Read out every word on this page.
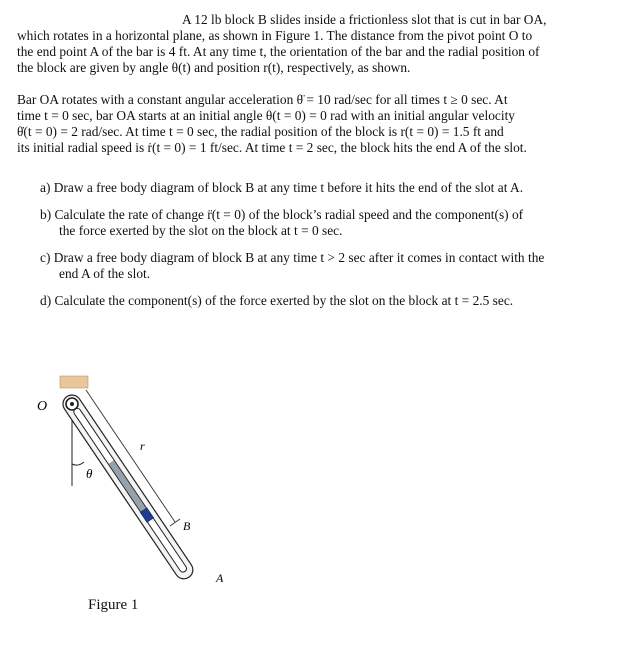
A 12 lb block B slides inside a frictionless slot that is cut in bar OA,
which rotates in a horizontal plane, as shown in Figure 1. The distance from the pivot point O to
the end point A of the bar is 4 ft. At any time t, the orientation of the bar and the radial position of
the block are given by angle θ(t) and position r(t), respectively, as shown.
Bar OA rotates with a constant angular acceleration θ̈ = 10 rad/sec for all times t ≥ 0 sec. At
time t = 0 sec, bar OA starts at an initial angle θ(t = 0) = 0 rad with an initial angular velocity
θ̇(t = 0) = 2 rad/sec. At time t = 0 sec, the radial position of the block is r(t = 0) = 1.5 ft and
its initial radial speed is ṙ(t = 0) = 1 ft/sec. At time t = 2 sec, the block hits the end A of the slot.
a) Draw a free body diagram of block B at any time t before it hits the end of the slot at A.
b) Calculate the rate of change r̈(t = 0) of the block’s radial speed and the component(s) of
the force exerted by the slot on the block at t = 0 sec.
c) Draw a free body diagram of block B at any time t > 2 sec after it comes in contact with the
end A of the slot.
d) Calculate the component(s) of the force exerted by the slot on the block at t = 2.5 sec.
O
θ
r
B
A
Figure 1
